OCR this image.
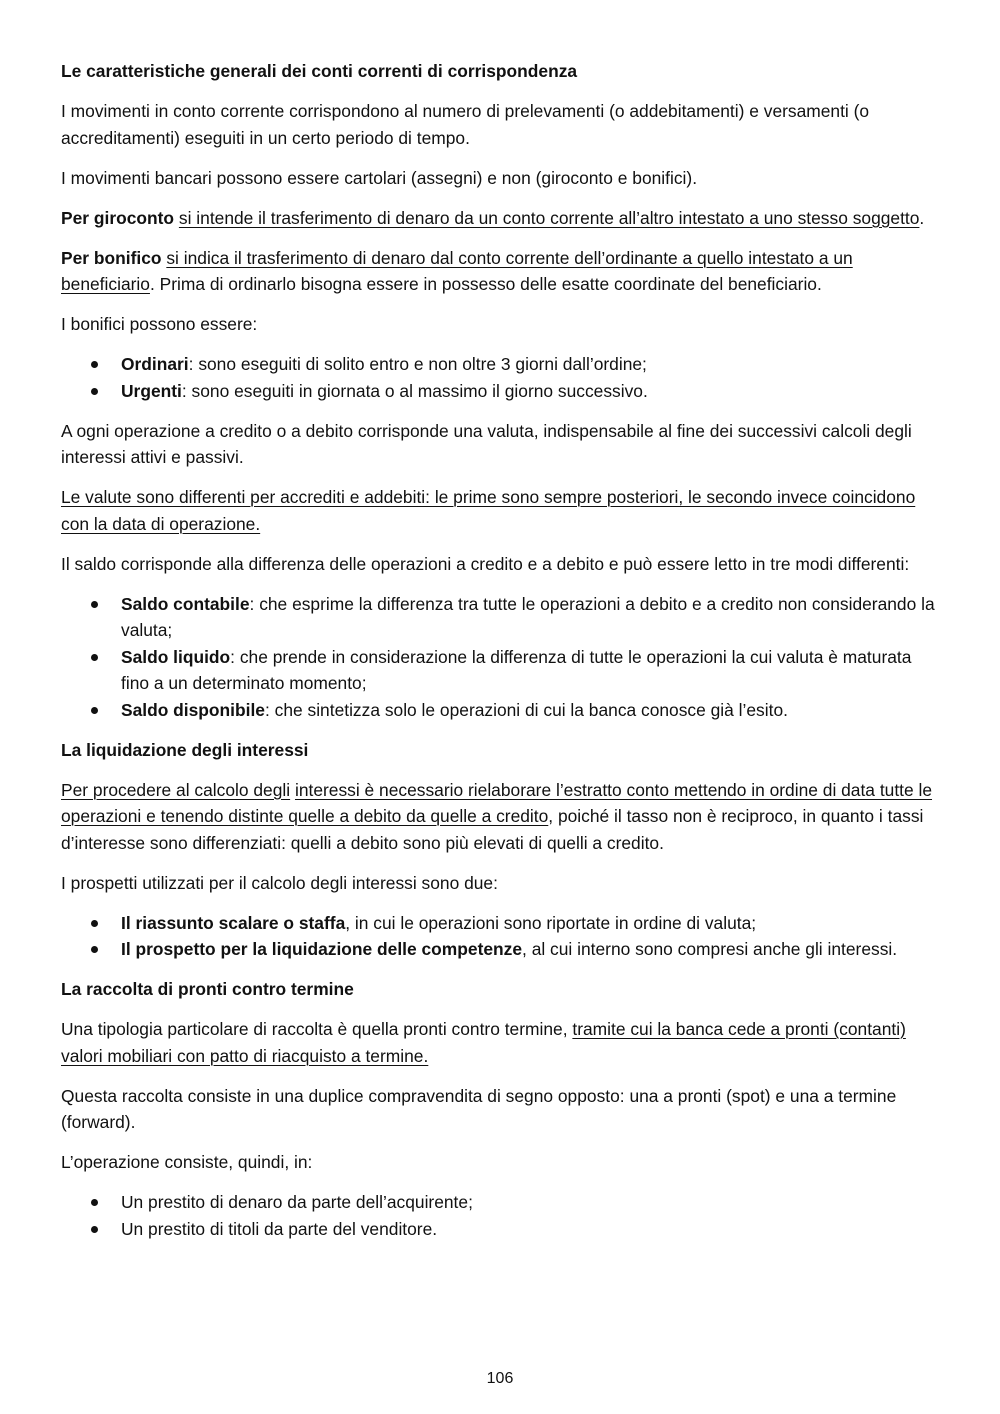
Le caratteristiche generali dei conti correnti di corrispondenza

I movimenti in conto corrente corrispondono al numero di prelevamenti (o addebitamenti) e versamenti (o accreditamenti) eseguiti in un certo periodo di tempo.

I movimenti bancari possono essere cartolari (assegni) e non (giroconto e bonifici).

Per giroconto si intende il trasferimento di denaro da un conto corrente all’altro intestato a uno stesso soggetto.

Per bonifico si indica il trasferimento di denaro dal conto corrente dell’ordinante a quello intestato a un beneficiario. Prima di ordinarlo bisogna essere in possesso delle esatte coordinate del beneficiario.

I bonifici possono essere:

Ordinari: sono eseguiti di solito entro e non oltre 3 giorni dall’ordine;
Urgenti: sono eseguiti in giornata o al massimo il giorno successivo.

A ogni operazione a credito o a debito corrisponde una valuta, indispensabile al fine dei successivi calcoli degli interessi attivi e passivi.

Le valute sono differenti per accrediti e addebiti: le prime sono sempre posteriori, le secondo invece coincidono con la data di operazione.

Il saldo corrisponde alla differenza delle operazioni a credito e a debito e può essere letto in tre modi differenti:

Saldo contabile: che esprime la differenza tra tutte le operazioni a debito e a credito non considerando la valuta;
Saldo liquido: che prende in considerazione la differenza di tutte le operazioni la cui valuta è maturata fino a un determinato momento;
Saldo disponibile: che sintetizza solo le operazioni di cui la banca conosce già l’esito.
La liquidazione degli interessi

Per procedere al calcolo degli interessi è necessario rielaborare l’estratto conto mettendo in ordine di data tutte le operazioni e tenendo distinte quelle a debito da quelle a credito, poiché il tasso non è reciproco, in quanto i tassi d’interesse sono differenziati: quelli a debito sono più elevati di quelli a credito.

I prospetti utilizzati per il calcolo degli interessi sono due:

Il riassunto scalare o staffa, in cui le operazioni sono riportate in ordine di valuta;
Il prospetto per la liquidazione delle competenze, al cui interno sono compresi anche gli interessi.
La raccolta di pronti contro termine

Una tipologia particolare di raccolta è quella pronti contro termine, tramite cui la banca cede a pronti (contanti) valori mobiliari con patto di riacquisto a termine.

Questa raccolta consiste in una duplice compravendita di segno opposto: una a pronti (spot) e una a termine (forward).

L’operazione consiste, quindi, in:

Un prestito di denaro da parte dell’acquirente;
Un prestito di titoli da parte del venditore.
106
